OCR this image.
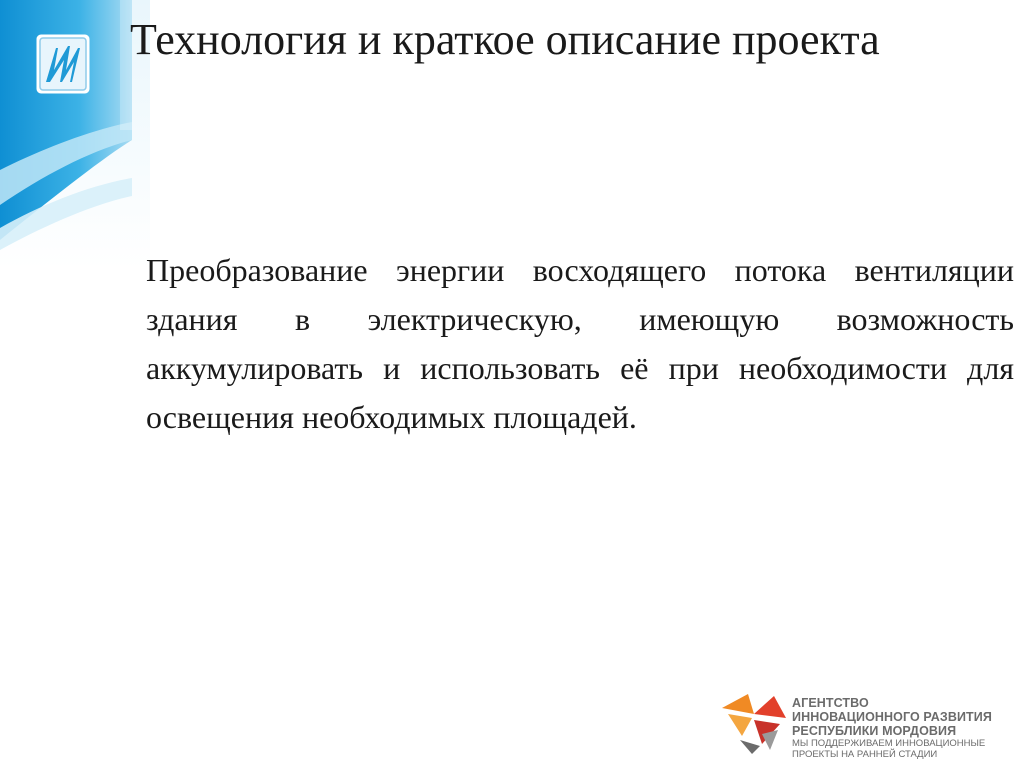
Технология и краткое описание проекта
Преобразование энергии восходящего потока вентиляции здания в электрическую, имеющую возможность аккумулировать и использовать её при необходимости для освещения необходимых площадей.
АГЕНТСТВО
ИННОВАЦИОННОГО РАЗВИТИЯ
РЕСПУБЛИКИ МОРДОВИЯ
МЫ ПОДДЕРЖИВАЕМ ИННОВАЦИОННЫЕ ПРОЕКТЫ НА РАННЕЙ СТАДИИ
